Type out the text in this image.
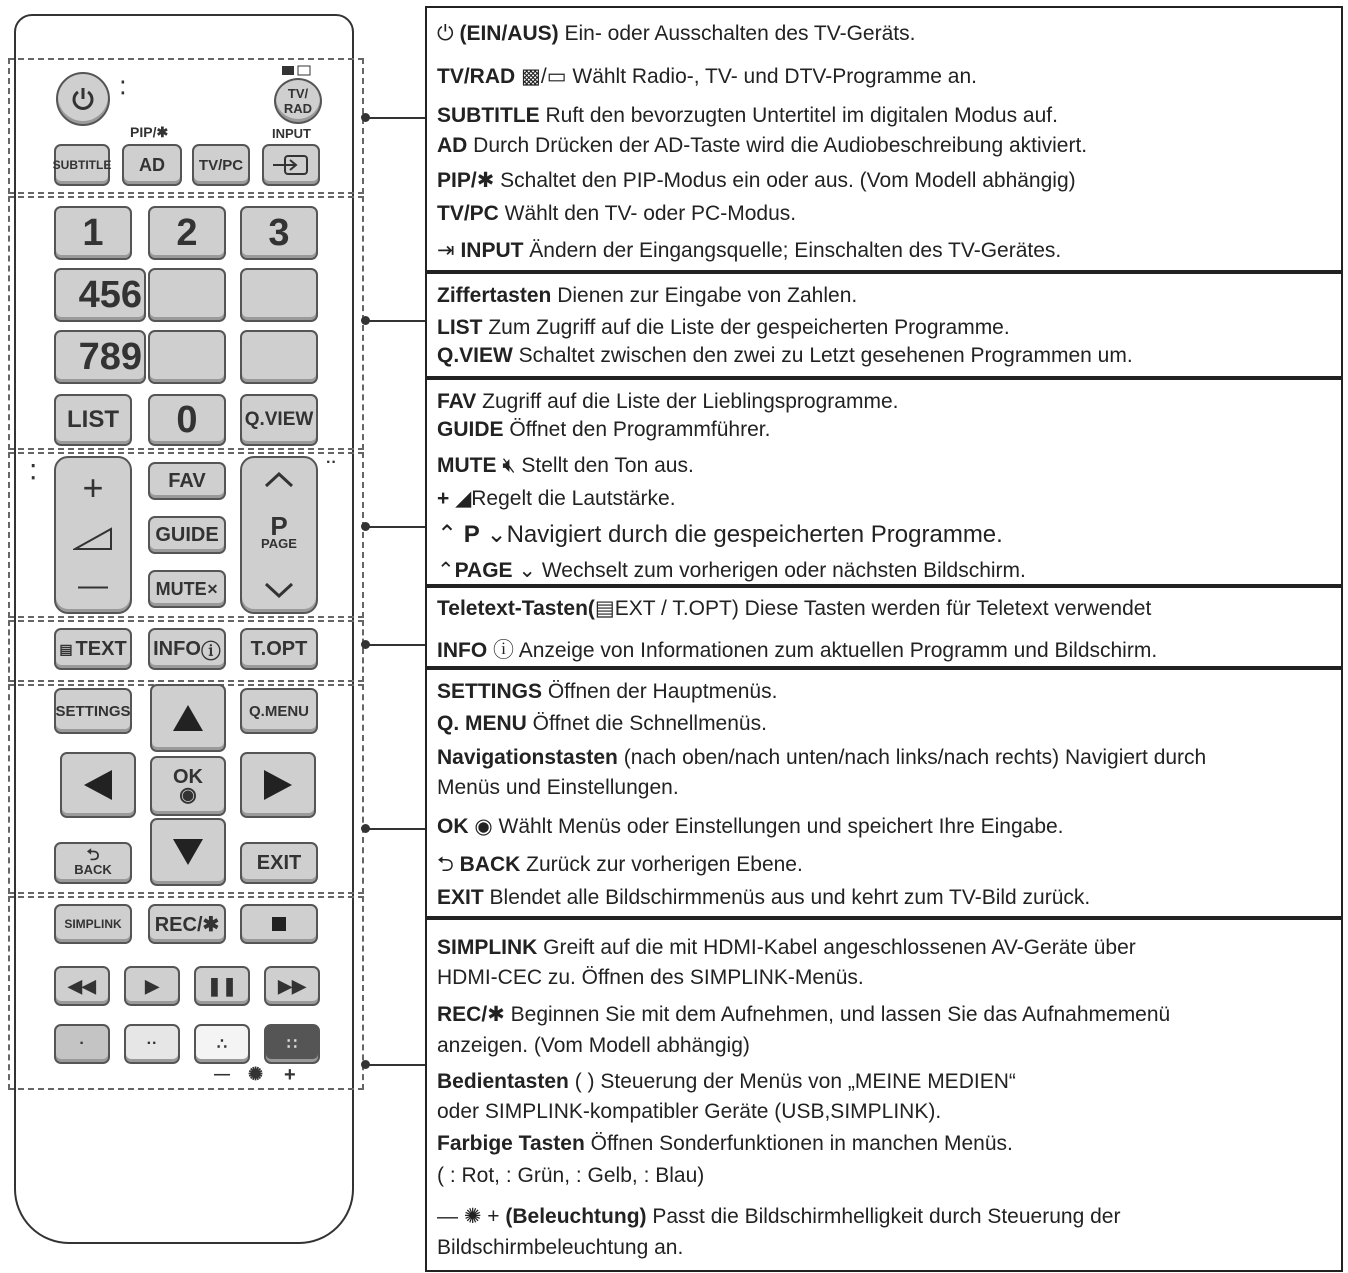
⁚	TV/
RAD
PIP/✱	INPUT
SUBTITLE	AD	TV/PC
1	2	3
456
789
LIST	0	Q.VIEW
+
—
FAV
GUIDE
MUTE ✕
P
PAGE
⁚	··
▤ TEXT INFO ⓘ	T.OPT
SETTINGS	Q.MENU
OK
◉
⮌
BACK	EXIT
SIMPLINK	REC/✱
◀◀	▶	❚❚ ▶▶
·	··	∴	∷
— ✺ +
⏻ (EIN/AUS) Ein- oder Ausschalten des TV-Geräts.
TV/RAD ▩/▭ Wählt Radio-, TV- und DTV-Programme an.
SUBTITLE Ruft den bevorzugten Untertitel im digitalen Modus auf.
AD Durch Drücken der AD-Taste wird die Audiobeschreibung aktiviert.
PIP/✱ Schaltet den PIP-Modus ein oder aus. (Vom Modell abhängig)
TV/PC Wählt den TV- oder PC-Modus.
⇥ INPUT Ändern der Eingangsquelle; Einschalten des TV-Gerätes.
Ziffertasten Dienen zur Eingabe von Zahlen.
LIST Zum Zugriff auf die Liste der gespeicherten Programme.
Q.VIEW Schaltet zwischen den zwei zu Letzt gesehenen Programmen um.
FAV Zugriff auf die Liste der Lieblingsprogramme.
GUIDE Öffnet den Programmführer.
MUTE 🔇︎ Stellt den Ton aus.
+ ◢Regelt die Lautstärke.
⌃ P ⌄Navigiert durch die gespeicherten Programme.
⌃PAGE ⌄ Wechselt zum vorherigen oder nächsten Bildschirm.
Teletext-Tasten(▤EXT / T.OPT) Diese Tasten werden für Teletext verwendet
INFO ⓘ Anzeige von Informationen zum aktuellen Programm und Bildschirm.
SETTINGS Öffnen der Hauptmenüs.
Q. MENU Öffnet die Schnellmenüs.
Navigationstasten (nach oben/nach unten/nach links/nach rechts) Navigiert durch
Menüs und Einstellungen.
OK ◉ Wählt Menüs oder Einstellungen und speichert Ihre Eingabe.
⮌ BACK Zurück zur vorherigen Ebene.
EXIT Blendet alle Bildschirmmenüs aus und kehrt zum TV-Bild zurück.
SIMPLINK Greift auf die mit HDMI-Kabel angeschlossenen AV-Geräte über
HDMI-CEC zu. Öffnen des SIMPLINK-Menüs.
REC/✱ Beginnen Sie mit dem Aufnehmen, und lassen Sie das Aufnahmemenü
anzeigen. (Vom Modell abhängig)
Bedientasten ( ) Steuerung der Menüs von „MEINE MEDIEN“
oder SIMPLINK-kompatibler Geräte (USB,SIMPLINK).
Farbige Tasten Öffnen Sonderfunktionen in manchen Menüs.
( : Rot, : Grün, : Gelb, : Blau)
— ✺ + (Beleuchtung) Passt die Bildschirmhelligkeit durch Steuerung der
Bildschirmbeleuchtung an.
